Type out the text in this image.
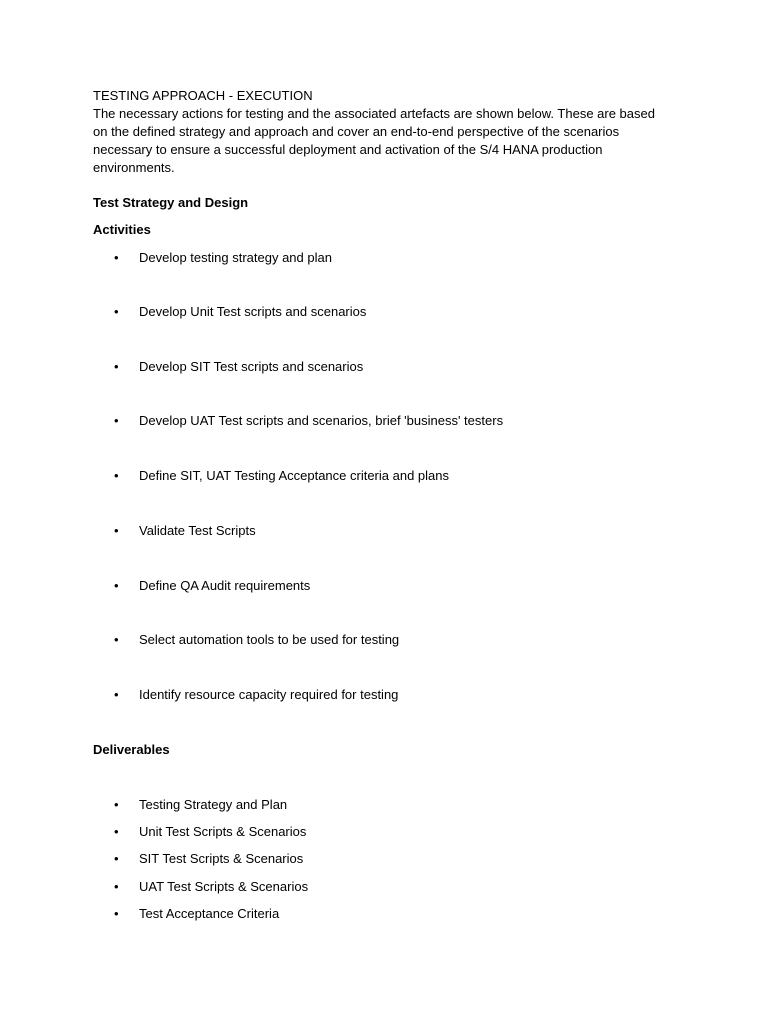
TESTING APPROACH - EXECUTION
The necessary actions for testing and the associated artefacts are shown below. These are based on the defined strategy and approach and cover an end-to-end perspective of the scenarios necessary to ensure a successful deployment and activation of the S/4 HANA production environments.
Test Strategy and Design
Activities
• Develop testing strategy and plan
• Develop Unit Test scripts and scenarios
• Develop SIT Test scripts and scenarios
• Develop UAT Test scripts and scenarios, brief 'business' testers
• Define SIT, UAT Testing Acceptance criteria and plans
• Validate Test Scripts
• Define QA Audit requirements
• Select automation tools to be used for testing
• Identify resource capacity required for testing
Deliverables
• Testing Strategy and Plan
• Unit Test Scripts & Scenarios
• SIT Test Scripts & Scenarios
• UAT Test Scripts & Scenarios
• Test Acceptance Criteria
